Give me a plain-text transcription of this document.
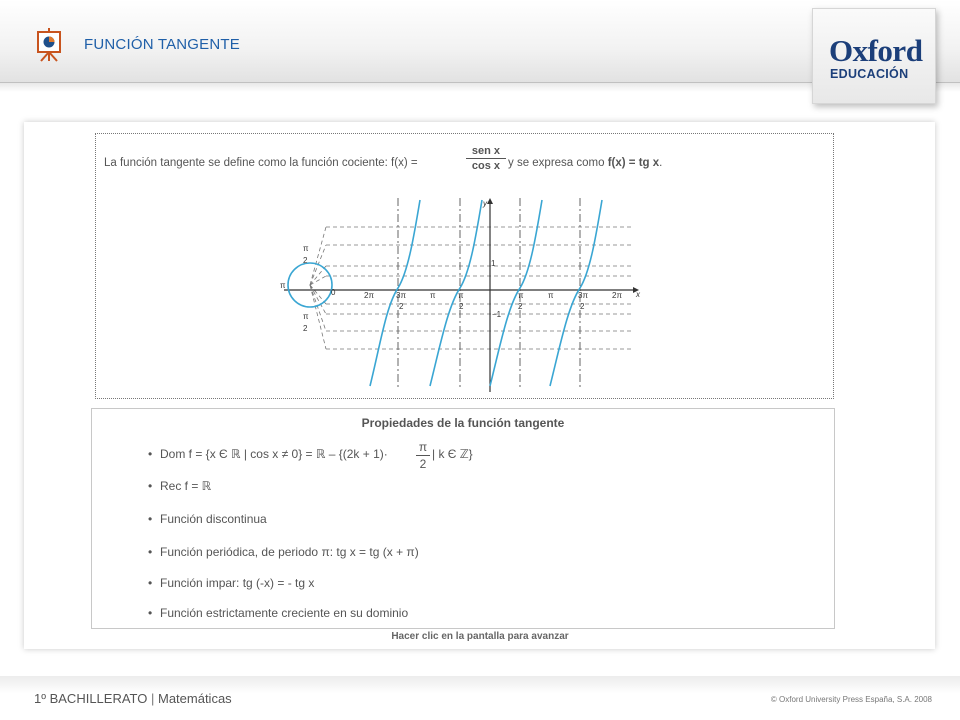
FUNCIÓN TANGENTE	Oxford
EDUCACIÓN
La función tangente se define como la función cociente: f(x) =
sen x
cos x y se expresa como f(x) = tg x.
y
x
0
1
−1
π
2
π
π
2
2π	3π
2
π	π
2
π
2
π	3π
2
2π
Propiedades de la función tangente
• Dom f = {x Є ℝ | cos x ≠ 0} = ℝ – {(2k + 1)·	π
2
| k Є ℤ}
• Rec f = ℝ
• Función discontinua
• Función periódica, de periodo π: tg x = tg (x + π)
• Función impar: tg (-x) = - tg x
• Función estrictamente creciente en su dominio
Hacer clic en la pantalla para avanzar
1º BACHILLERATO | Matemáticas	© Oxford University Press España, S.A. 2008
